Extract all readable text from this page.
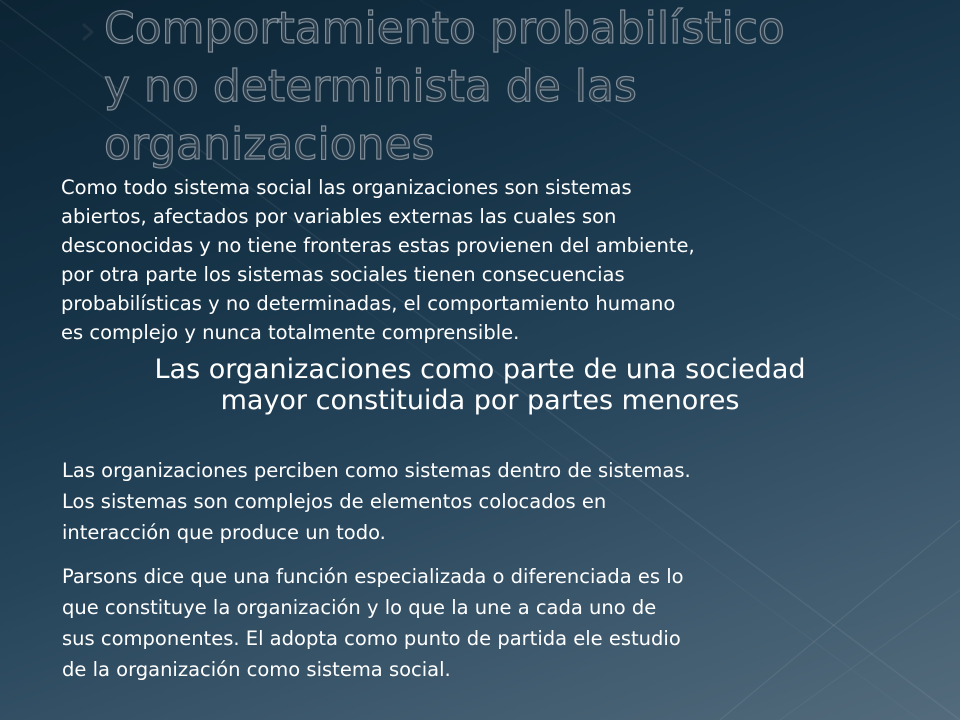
Comportamiento probabilístico
y no determinista de las
organizaciones

Como todo sistema social las organizaciones son sistemas
abiertos, afectados por variables externas las cuales son
desconocidas y no tiene fronteras estas provienen del ambiente,
por otra parte los sistemas sociales tienen consecuencias
probabilísticas y no determinadas, el comportamiento humano
es complejo y nunca totalmente comprensible.

Las organizaciones como parte de una sociedad
mayor constituida por partes menores

Las organizaciones perciben como sistemas dentro de sistemas.
Los sistemas son complejos de elementos colocados en
interacción que produce un todo.

Parsons dice que una función especializada o diferenciada es lo
que constituye la organización y lo que la une a cada uno de
sus componentes. El adopta como punto de partida ele estudio
de la organización como sistema social.
